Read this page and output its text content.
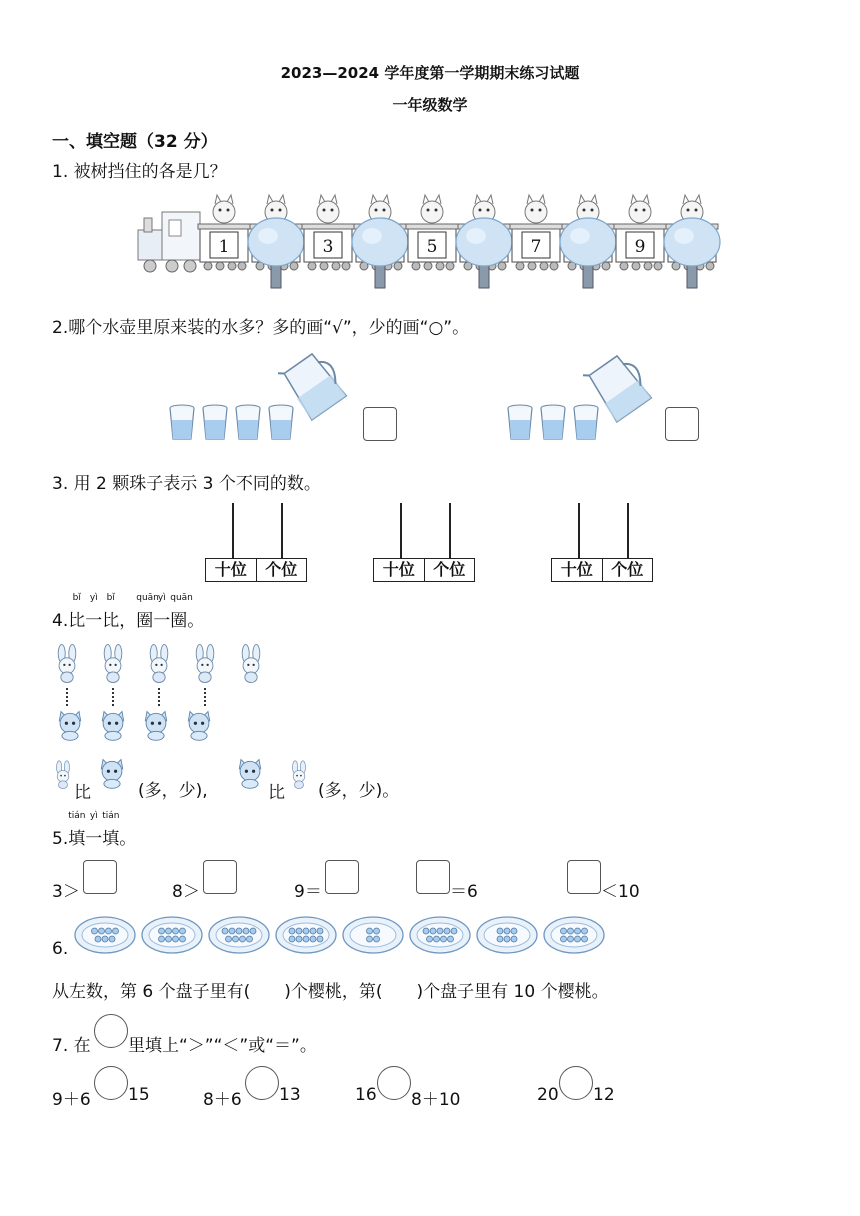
2023—2024 学年度第一学期期末练习试题
一年级数学
一、填空题（32 分）
1. 被树挡住的各是几？
1	3	5	7	9
2.哪个水壶里原来装的水多？多的画“√”，少的画“○”。
3. 用 2 颗珠子表示 3 个不同的数。
十位	个位	十位	个位	十位	个位
4.
bǐ
比
yì
一
bǐ
比，
quān
圈
yì
一
quān
圈。
比	(多，少),	比 (多，少)。
5.
tián
填
yì
一
tián
填。
3＞	8＞	9＝	＝6	＜10
6.
从左数，第 6 个盘子里有(　　)个樱桃，第(　　)个盘子里有 10 个樱桃。
7. 在 里填上“＞”“＜”或“＝”。
9＋6 15	8＋6 13	16 8＋10	20 12
